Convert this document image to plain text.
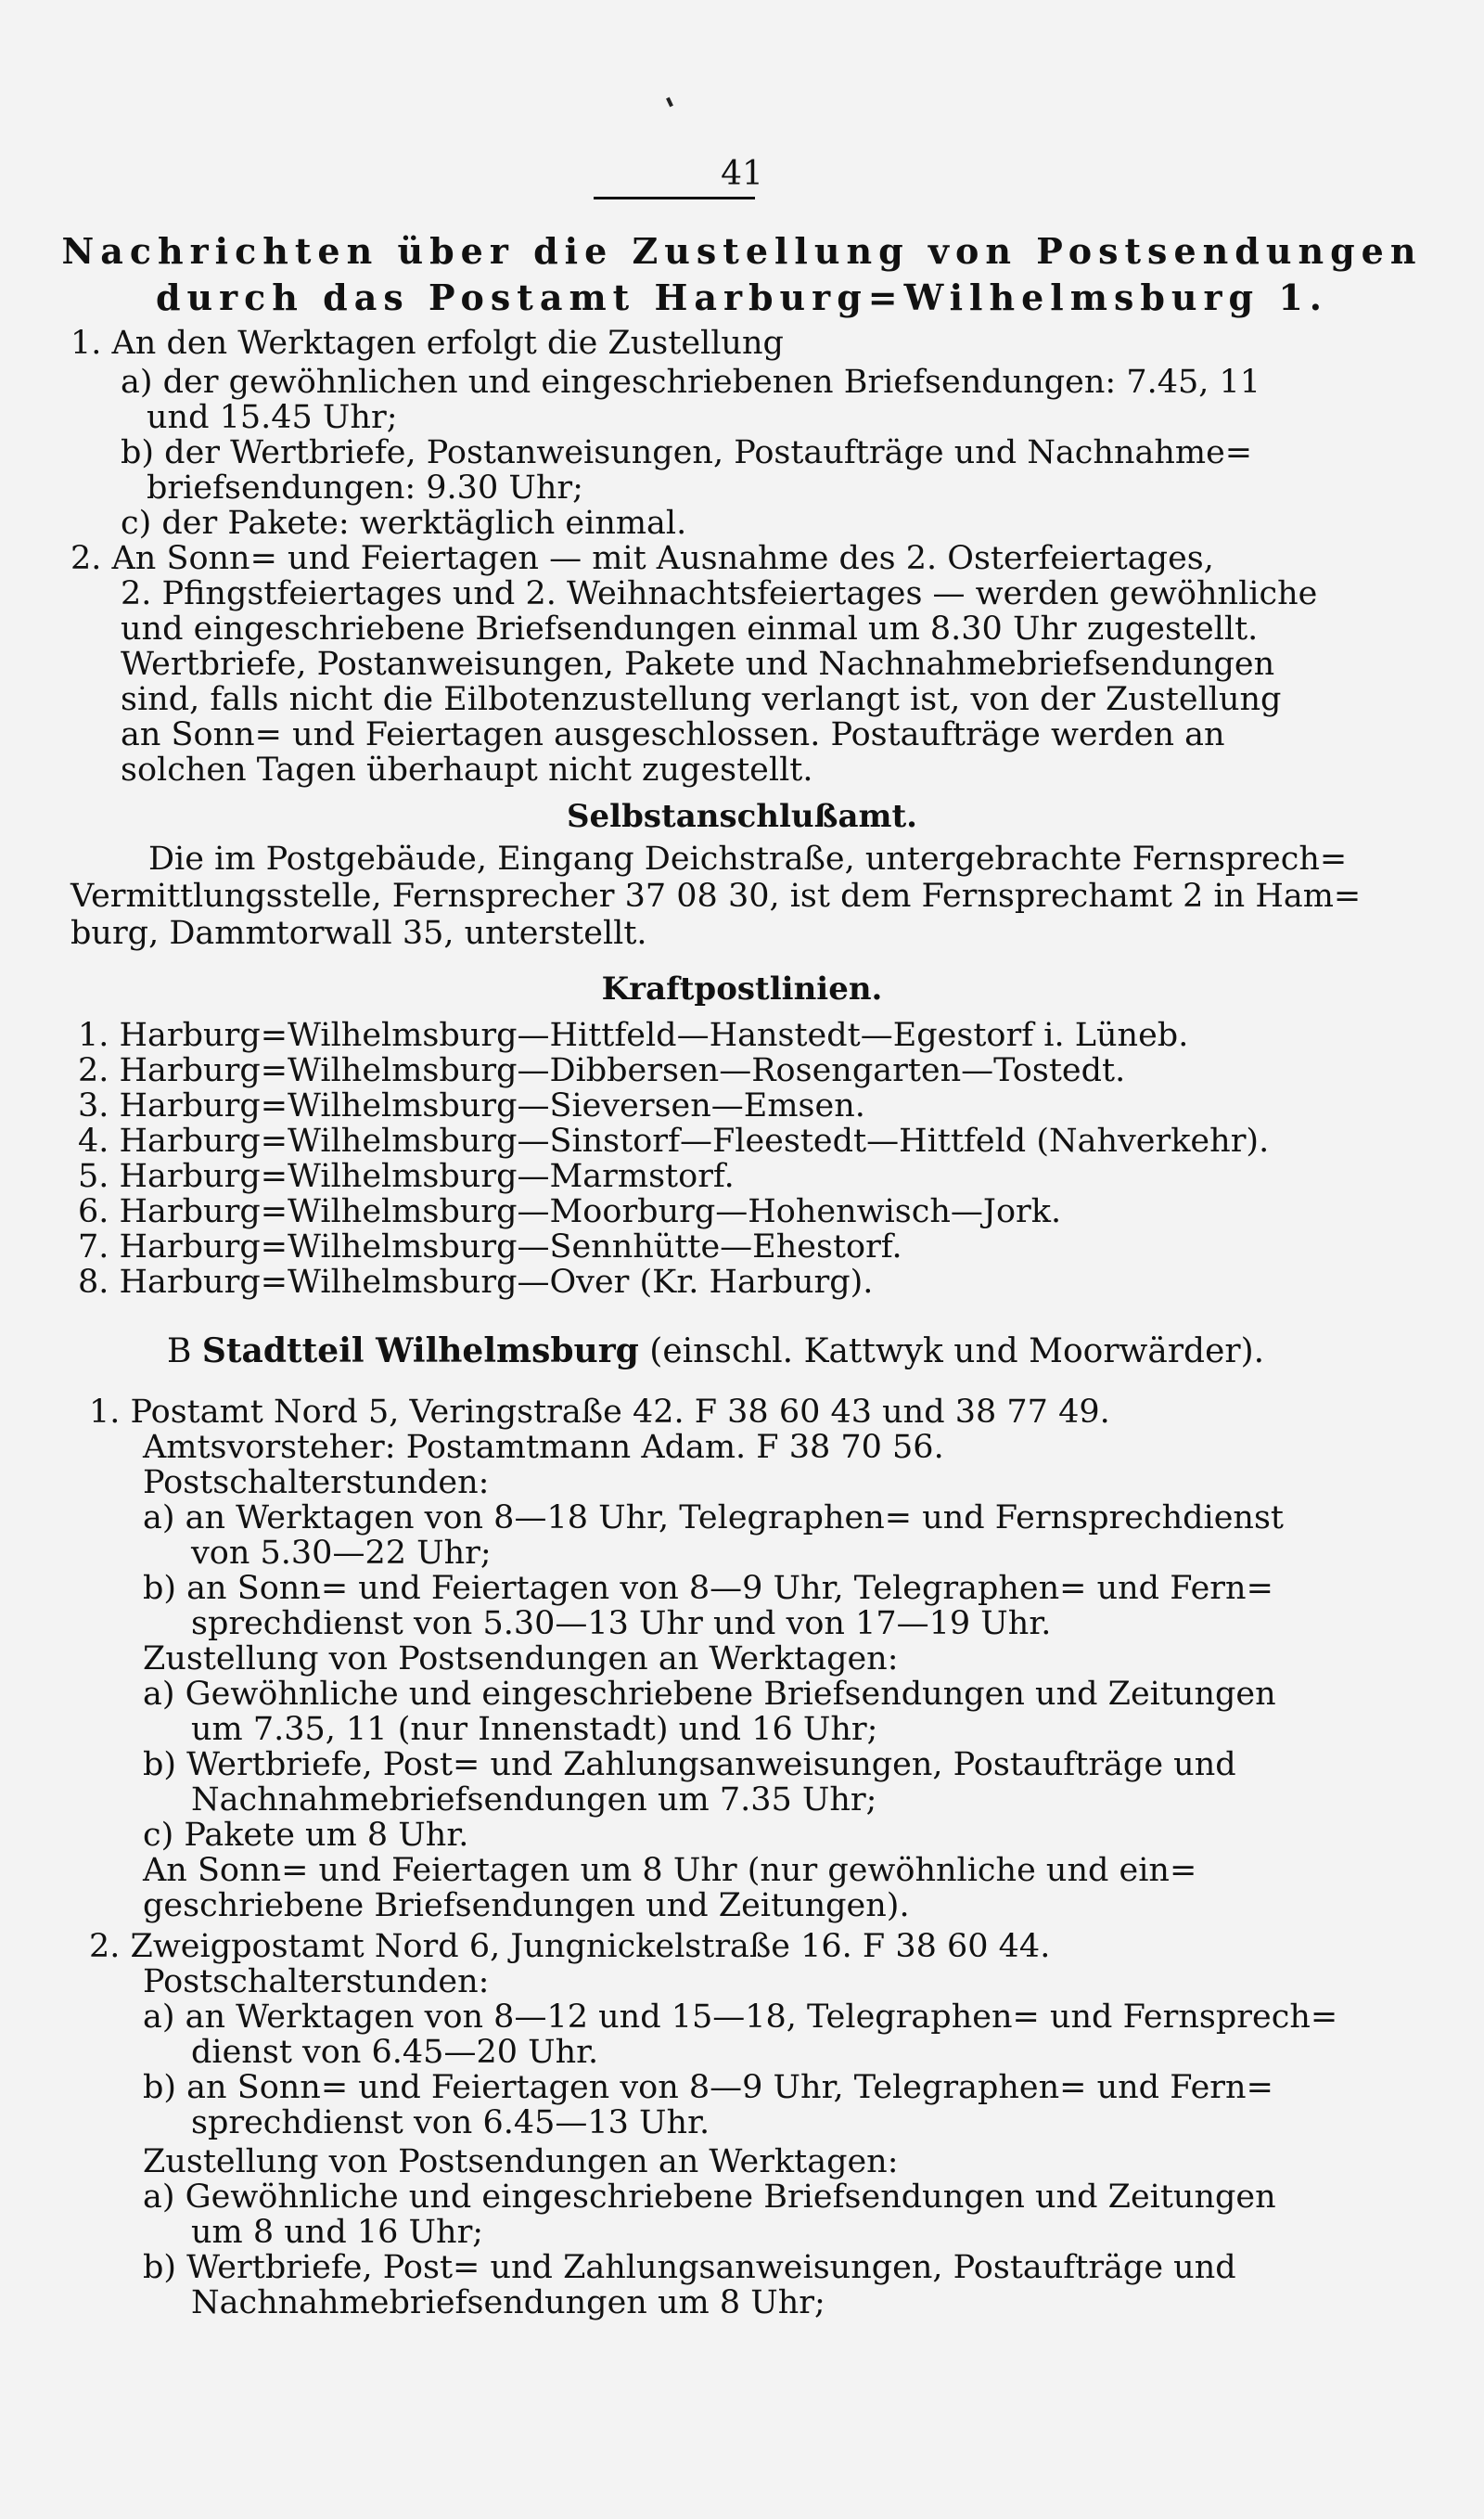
41
Nachrichten über die Zustellung von Postsendungen
durch das Postamt Harburg=Wilhelmsburg 1.
1. An den Werktagen erfolgt die Zustellung
a) der gewöhnlichen und eingeschriebenen Briefsendungen: 7.45, 11
und 15.45 Uhr;
b) der Wertbriefe, Postanweisungen, Postaufträge und Nachnahme=
briefsendungen: 9.30 Uhr;
c) der Pakete: werktäglich einmal.
2. An Sonn= und Feiertagen — mit Ausnahme des 2. Osterfeiertages,
2. Pfingstfeiertages und 2. Weihnachtsfeiertages — werden gewöhnliche
und eingeschriebene Briefsendungen einmal um 8.30 Uhr zugestellt.
Wertbriefe, Postanweisungen, Pakete und Nachnahmebriefsendungen
sind, falls nicht die Eilbotenzustellung verlangt ist, von der Zustellung
an Sonn= und Feiertagen ausgeschlossen. Postaufträge werden an
solchen Tagen überhaupt nicht zugestellt.
Selbstanschlußamt.
Die im Postgebäude, Eingang Deichstraße, untergebrachte Fernsprech=
Vermittlungsstelle, Fernsprecher 37 08 30, ist dem Fernsprechamt 2 in Ham=
burg, Dammtorwall 35, unterstellt.
Kraftpostlinien.
1. Harburg=Wilhelmsburg—Hittfeld—Hanstedt—Egestorf i. Lüneb.
2. Harburg=Wilhelmsburg—Dibbersen—Rosengarten—Tostedt.
3. Harburg=Wilhelmsburg—Sieversen—Emsen.
4. Harburg=Wilhelmsburg—Sinstorf—Fleestedt—Hittfeld (Nahverkehr).
5. Harburg=Wilhelmsburg—Marmstorf.
6. Harburg=Wilhelmsburg—Moorburg—Hohenwisch—Jork.
7. Harburg=Wilhelmsburg—Sennhütte—Ehestorf.
8. Harburg=Wilhelmsburg—Over (Kr. Harburg).
B Stadtteil Wilhelmsburg (einschl. Kattwyk und Moorwärder).
1. Postamt Nord 5, Veringstraße 42. F 38 60 43 und 38 77 49.
Amtsvorsteher: Postamtmann Adam. F 38 70 56.
Postschalterstunden:
a) an Werktagen von 8—18 Uhr, Telegraphen= und Fernsprechdienst
von 5.30—22 Uhr;
b) an Sonn= und Feiertagen von 8—9 Uhr, Telegraphen= und Fern=
sprechdienst von 5.30—13 Uhr und von 17—19 Uhr.
Zustellung von Postsendungen an Werktagen:
a) Gewöhnliche und eingeschriebene Briefsendungen und Zeitungen
um 7.35, 11 (nur Innenstadt) und 16 Uhr;
b) Wertbriefe, Post= und Zahlungsanweisungen, Postaufträge und
Nachnahmebriefsendungen um 7.35 Uhr;
c) Pakete um 8 Uhr.
An Sonn= und Feiertagen um 8 Uhr (nur gewöhnliche und ein=
geschriebene Briefsendungen und Zeitungen).
2. Zweigpostamt Nord 6, Jungnickelstraße 16. F 38 60 44.
Postschalterstunden:
a) an Werktagen von 8—12 und 15—18, Telegraphen= und Fernsprech=
dienst von 6.45—20 Uhr.
b) an Sonn= und Feiertagen von 8—9 Uhr, Telegraphen= und Fern=
sprechdienst von 6.45—13 Uhr.
Zustellung von Postsendungen an Werktagen:
a) Gewöhnliche und eingeschriebene Briefsendungen und Zeitungen
um 8 und 16 Uhr;
b) Wertbriefe, Post= und Zahlungsanweisungen, Postaufträge und
Nachnahmebriefsendungen um 8 Uhr;
